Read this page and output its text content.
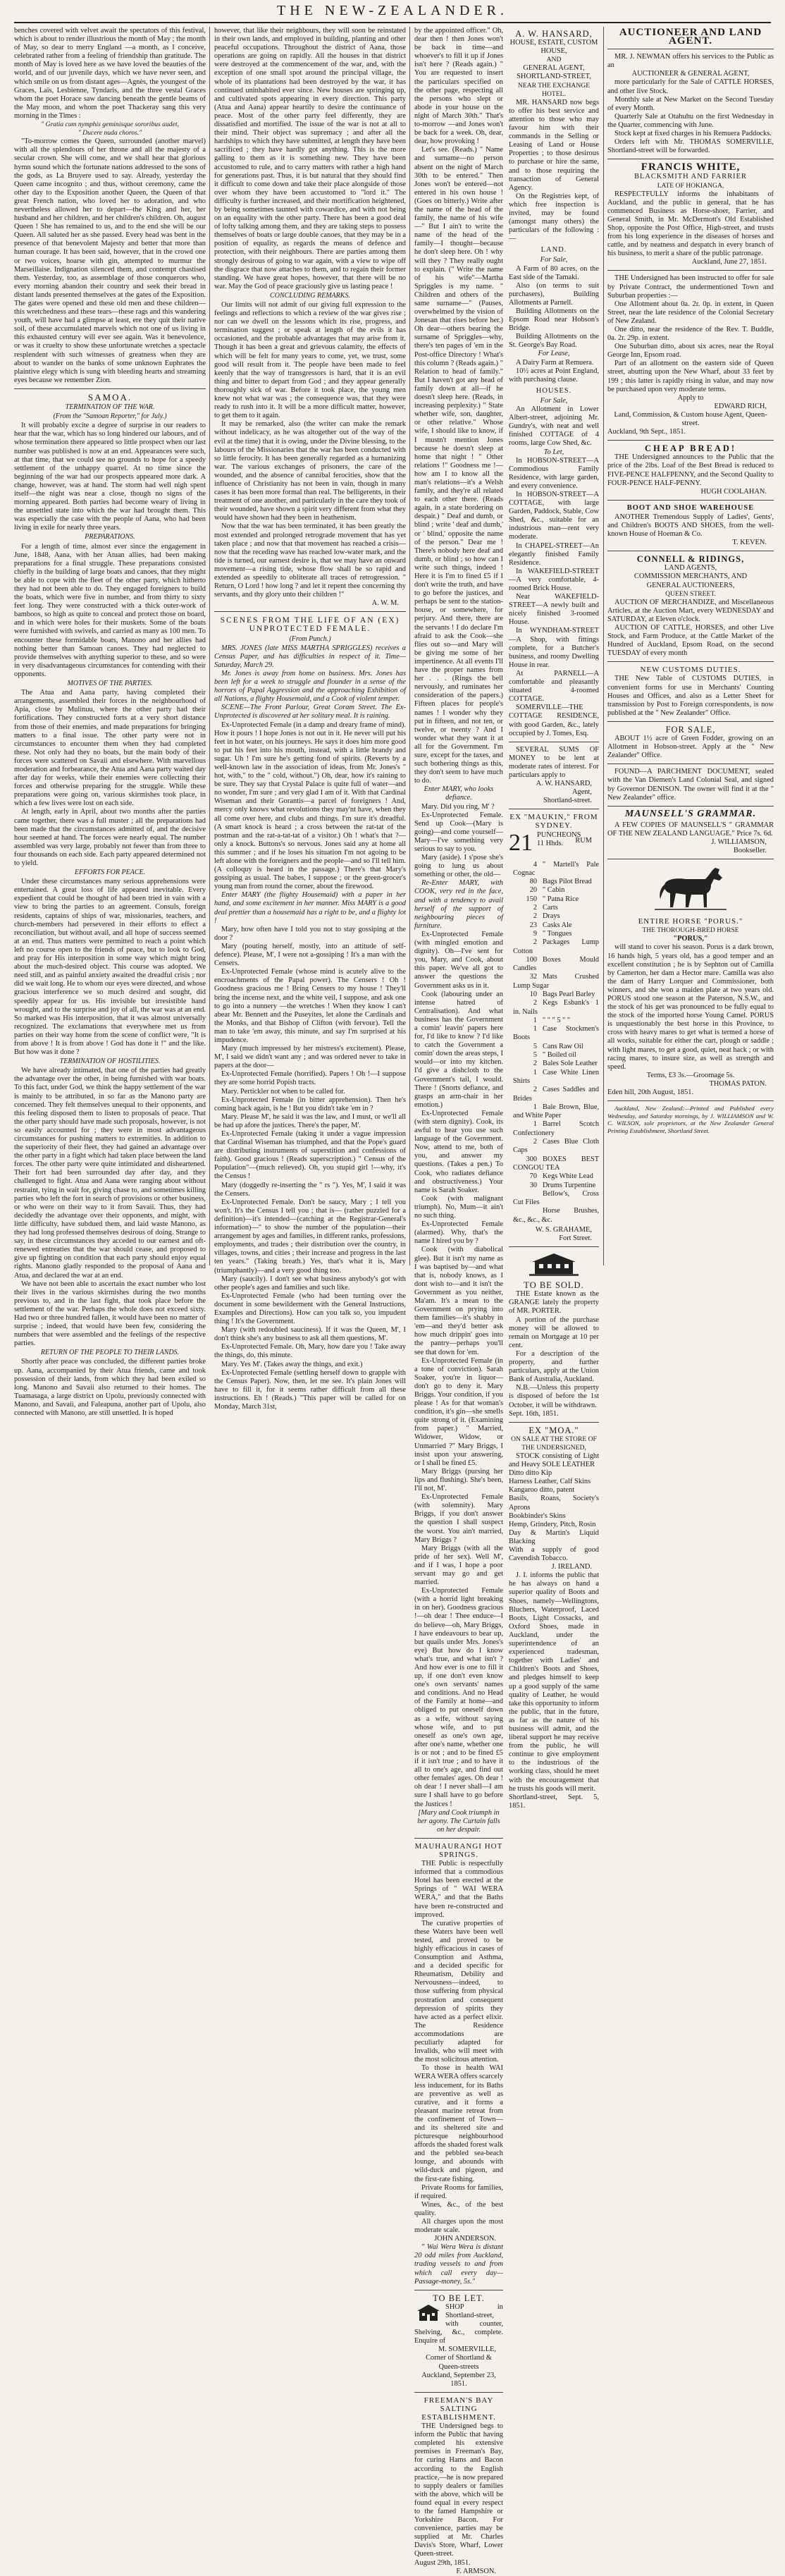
THE NEW-ZEALANDER.

benches covered with velvet await the spectators of this festival, which is about to render illustrious the month of May ; the month of May, so dear to merry England —a month, as I conceive, celebrated rather from a feeling of friendship than gratitude. The month of May is loved here as we have loved the beauties of the world, and of our juvenile days, which we have never seen, and which smile on us from distant ages—Agnès, the youngest of the Graces, Laïs, Lesbienne, Tyndaris, and the three vestal Graces whom the poet Horace saw dancing beneath the gentle beams of the May moon, and whom the poet Thackeray sang this very morning in the Times :

" Gratia cum nymphis geminisque sororibus audet,

" Ducere nuda choros."

"To-morrow comes the Queen, surrounded (another marvel) with all the splendours of her throne and all the majesty of a secular crown. She will come, and we shall hear that glorious hymn sound which the fortunate nations addressed to the sons of the gods, as La Bruyere used to say. Already, yesterday the Queen came incognito ; and thus, without ceremony, came the other day to the Exposition another Queen, the Queen of that great French nation, who loved her to adoration, and who nevertheless allowed her to depart—the King and her, her husband and her children, and her children's children. Oh, august Queen ! She has remained to us, and to the end she will be our Queen. All saluted her as she passed. Every head was bent in the presence of that benevolent Majesty and better that more than human courage. It has been said, however, that in the crowd one or two voices, hoarse with gin, attempted to murmur the Marseillaise. Indignation silenced them, and contempt chastised them. Yesterday, too, as assemblage of those conquerors who, every morning abandon their country and seek their bread in distant lands presented themselves at the gates of the Exposition. The gates were opened and these old men and these children—this wretchedness and these tears—these rags and this wandering youth, will have had a glimpse at least, ere they quit their native soil, of these accumulated marvels which not one of us living in this exhausted century will ever see again. Was it benevolence, or was it cruelty to show these unfortunate wretches a spectacle resplendent with such witnesses of greatness when they are about to wander on the banks of some unknown Euphrates the plaintive elegy which is sung with bleeding hearts and streaming eyes because we remember Zion.

SAMOA.
TERMINATION OF THE WAR.
(From the "Samoan Reporter," for July.)

It will probably excite a degree of surprise in our readers to hear that the war, which has so long hindered our labours, and of whose termination there appeared so little prospect when our last number was published is now at an end. Appearances were such, at that time, that we could see no grounds to hope for a speedy settlement of the unhappy quarrel. At no time since the beginning of the war had our prospects appeared more dark. A change, however, was at hand. The storm had well nigh spent itself—the night was near a close, though no signs of the morning appeared. Both parties had become weary of living in the unsettled state into which the war had brought them. This was especially the case with the people of Aana, who had been living in exile for nearly three years.

PREPARATIONS.

For a length of time, almost ever since the engagement in June, 1848, Aana, with her Atuan allies, had been making preparations for a final struggle. These preparations consisted chiefly in the building of large boats and canoes, that they might be able to cope with the fleet of the other party, which hitherto they had not been able to do. They engaged foreigners to build the boats, which were five in number, and from thirty to sixty feet long. They were constructed with a thick outer-work of bamboos, so high as quite to conceal and protect those on board, and in which were holes for their muskets. Some of the boats were furnished with swivels, and carried as many as 100 men. To encounter these formidable boats, Manono and her allies had nothing better than Samoan canoes. They had neglected to provide themselves with anything superior to these, and so were in very disadvantageous circumstances for contending with their opponents.

MOTIVES OF THE PARTIES.

The Atua and Aana party, having completed their arrangements, assembled their forces in the neighbourhood of Apia, close by Mulinuu, where the other party had their fortifications. They constructed forts at a very short distance from those of their enemies, and made preparations for bringing matters to a final issue. The other party were not in circumstances to encounter them when they had completed these. Not only had they no boats, but the main body of their forces were scattered on Savaii and elsewhere. With marvellous moderation and forbearance, the Atua and Aana party waited day after day for weeks, while their enemies were collecting their forces and otherwise preparing for the struggle. While these preparations were going on, various skirmishes took place, in which a few lives were lost on each side.

At length, early in April, about two months after the parties came together, there was a full muster ; all the preparations had been made that the circumstances admitted of, and the decisive hour seemed at hand. The forces were nearly equal. The number assembled was very large, probably not fewer than from three to four thousands on each side. Each party appeared determined not to yield.

EFFORTS FOR PEACE.

Under these circumstances many serious apprehensions were entertained. A great loss of life appeared inevitable. Every expedient that could be thought of had been tried in vain with a view to bring the parties to an agreement. Consuls, foreign residents, captains of ships of war, missionaries, teachers, and church-members had persevered in their efforts to effect a reconciliation, but without avail, and all hope of success seemed at an end. Thus matters were permitted to reach a point which left no course open to the friends of peace, but to look to God, and pray for His interposition in some way which might bring about the much-desired object. This course was adopted. We need still, and as painful anxiety awaited the dreadful crisis ; nor did we wait long. He to whom our eyes were directed, and whose gracious interference we so much desired and sought, did speedily appear for us. His invisible but irresistible hand wrought, and to the surprise and joy of all, the war was at an end. So marked was His interposition, that it was almost universally recognized. The exclamations that everywhere met us from parties on their way home from the scene of conflict were, "It is from above ! It is from above ! God has done it !" and the like. But how was it done ?

TERMINATION OF HOSTILITIES.

We have already intimated, that one of the parties had greatly the advantage over the other, in being furnished with war boats. To this fact, under God, we think the happy settlement of the war is mainly to be attributed, in so far as the Manono party are concerned. They felt themselves unequal to their opponents, and this feeling disposed them to listen to proposals of peace. That the other party should have made such proposals, however, is not so easily accounted for ; they were in most advantageous circumstances for pushing matters to extremities. In addition to the superiority of their fleet, they had gained an advantage over the other party in a fight which had taken place between the land forces. The other party were quite intimidated and disheartened. Their fort had been surrounded day after day, and they challenged to fight. Atua and Aana were ranging about without restraint, tying in wait for, giving chase to, and sometimes killing parties who left the fort in search of provisions or other business, or who were on their way to it from Savaii. Thus, they had decidedly the advantage over their opponents, and might, with little difficulty, have subdued them, and laid waste Manono, as they had long professed themselves desirous of doing. Strange to say, in these circumstances they acceded to our earnest and oft-renewed entreaties that the war should cease, and proposed to give up fighting on condition that each party should enjoy equal rights. Manono gladly responded to the proposal of Aana and Atua, and declared the war at an end.

We have not been able to ascertain the exact number who lost their lives in the various skirmishes during the two months previous to, and in the last fight, that took place before the settlement of the war. Perhaps the whole does not exceed sixty. Had two or three hundred fallen, it would have been no matter of surprise ; indeed, that would have been few, considering the numbers that were assembled and the feelings of the respective parties.

RETURN OF THE PEOPLE TO THEIR LANDS.

Shortly after peace was concluded, the different parties broke up. Aana, accompanied by their Atua friends, came and took possession of their lands, from which they had been exiled so long. Manono and Savaii also returned to their homes. The Tuamasaga, a large district on Upolu, previously connected with Manono, and Savaii, and Faleapuna, another part of Upolu, also connected with Manono, are still unsettled. It is hoped

however, that like their neighbours, they will soon be reinstated in their own lands, and employed in building, planting and other peaceful occupations. Throughout the district of Aana, those operations are going on rapidly. All the houses in that district were destroyed at the commencement of the war, and, with the exception of one small spot around the principal village, the whole of its plantations had been destroyed by the war, it has continued uninhabited ever since. New houses are springing up, and cultivated spots appearing in every direction. This party (Atua and Aana) appear heartily to desire the continuance of peace. Most of the other party feel differently, they are dissatisfied and mortified. The issue of the war is not at all to their mind. Their object was supremacy ; and after all the hardships to which they have submitted, at length they have been sacrificed ; they have hardly got anything. This is the more galling to them as it is something new. They have been accustomed to rule, and to carry matters with rather a high hand for generations past. Thus, it is but natural that they should find it difficult to come down and take their place alongside of those over whom they have been accustomed to "lord it." The difficulty is further increased, and their mortification heightened, by being sometimes taunted with cowardice, and with not being on an equality with the other party. There has been a good deal of lofty talking among them, and they are taking steps to possess themselves of boats or large double canoes, that they may be in a position of equality, as regards the means of defence and protection, with their neighbours. There are parties among them strongly desirous of going to war again, with a view to wipe off the disgrace that now attaches to them, and to regain their former standing. We have great hopes, however, that there will be no war. May the God of peace graciously give us lasting peace !

CONCLUDING REMARKS.

Our limits will not admit of our giving full expression to the feelings and reflections to which a review of the war gives rise ; nor can we dwell on the lessons which its rise, progress, and termination suggest ; or speak at length of the evils it has occasioned, and the probable advantages that may arise from it. Though it has been a great and grievous calamity, the effects of which will be felt for many years to come, yet, we trust, some good will result from it. The people have been made to feel keenly that the way of transgressors is hard, that it is an evil thing and bitter to depart from God ; and they appear generally thoroughly sick of war. Before it took place, the young men knew not what war was ; the consequence was, that they were ready to rush into it. It will be a more difficult matter, however, to get them to it again.

It may be remarked, also (the writer can make the remark without indelicacy, as he was altogether out of the way of the evil at the time) that it is owing, under the Divine blessing, to the labours of the Missionaries that the war has been conducted with so little ferocity. It has been generally regarded as a humanizing war. The various exchanges of prisoners, the care of the wounded, and the absence of cannibal ferocities, show that the influence of Christianity has not been in vain, though in many cases it has been more formal than real. The belligerents, in their treatment of one another, and particularly in the care they took of their wounded, have shown a spirit very different from what they would have shown had they been in heathenism.

Now that the war has been terminated, it has been greatly the most extended and prolonged retrograde movement that has yet taken place ; and now that that movement has reached a crisis—now that the receding wave has reached low-water mark, and the tide is turned, our earnest desire is, that we may have an onward movement—a rising tide, whose flow shall be so rapid and extended as speedily to obliterate all traces of retrogression. " Return, O Lord ! how long ? and let it repent thee concerning thy servants, and thy glory unto their children !"

A. W. M.

SCENES FROM THE LIFE OF AN (EX) UNPROTECTED FEMALE.
(From Punch.)

MRS. JONES (late MISS MARTHA SPRIGGLES) receives a Census Paper, and has difficulties in respect of it. Time—Saturday, March 29.

Mr. Jones is away from home on business. Mrs. Jones has been left for a week to struggle and flounder in a sense of the horrors of Papal Aggression and the approaching Exhibition of all Nations, a flighty Housemaid, and a Cook of violent temper.

SCENE—The Front Parlour, Great Coram Street. The Ex-Unprotected is discovered at her solitary meal. It is raining.

Ex-Unprotected Female (in a damp and dreary frame of mind). How it pours ! I hope Jones is not out in it. He never will put his feet in hot water, on his journeys. He says it does him more good to put his feet into his mouth, instead, with a little brandy and sugar. Uh ! I'm sure he's getting fond of spirits. (Reverts by a well-known law in the association of ideas, from Mr. Jones's " hot, with," to the " cold, without.") Oh, dear, how it's raining to be sure. They say that Crystal Palace is quite full of water—and no wonder, I'm sure ; and very glad I am of it. With that Cardinal Wiseman and their Gorantis—a parcel of foreigners ! And, mercy only knows what revolutions they may'nt have, when they all come over here, and clubs and things. I'm sure it's dreadful. (A smart knock is heard ; a cross between the rat-tat of the postman and the rat-a-tat-tat of a visitor.) Oh ! what's that ?—only a knock. Buttons's so nervous. Jones said any at home all this summer ; and if he loses his situation I'm not agoing to be left alone with the foreigners and the people—and so I'll tell him. (A colloquy is heard in the passage.) There's that Mary's gossiping as usual. The babes, I suppose ; or the green-grocer's young man from round the corner, about the firewood.

Enter MARY (the flighty Housemaid) with a paper in her hand, and some excitement in her manner. Miss MARY is a good deal prettier than a housemaid has a right to be, and a flighty lot !

Mary, how often have I told you not to stay gossiping at the door ?

Mary (pouting herself, mostly, into an attitude of self-defence). Please, M', I were not a-gossiping ! It's a man with the Censers.

Ex-Unprotected Female (whose mind is acutely alive to the encroachments of the Papal power). The Censers ! Oh ! Goodness gracious me ! Bring Censers to my house ! They'll bring the incense next, and the white veil, I suppose, and ask one to go into a nunnery —the wretches ! When they know I can't abear Mr. Bennett and the Puseyites, let alone the Cardinals and the Monks, and that Bishop of Clifton (with fervour). Tell the man to take 'em away, this minute, and say I'm surprised at his impudence.

Mary (much impressed by her mistress's excitement). Please, M', I said we didn't want any ; and was ordered never to take in papers at the door—

Ex-Unprotected Female (horrified). Papers ! Oh !—I suppose they are some horrid Popish tracts.

Mary. Pertickler not when to be called for.

Ex-Unprotected Female (in bitter apprehension). Then he's coming back again, is he ! But you didn't take 'em in ?

Mary. Please M', he said it was the law, and I must, or we'll all be had up afore the justices. There's the paper, M'.

Ex-Unprotected Female (taking it under a vague impression that Cardinal Wiseman has triumphed, and that the Pope's guard are distributing instruments of superstition and confessions of faith). Good gracious ! (Reads superscription.) " Census of the Population"—(much relieved). Oh, you stupid girl !—why, it's the Census !

Mary (doggedly re-inserting the " rs "). Yes, M', I said it was the Censers.

Ex-Unprotected Female. Don't be saucy, Mary ; I tell you won't. It's the Census I tell you ; that is— (rather puzzled for a definition)—it's intended—(catching at the Registrar-General's information)—" to show the number of the population—their arrangement by ages and families, in different ranks, professions, employments, and trades ; their distribution over the country, in villages, towns, and cities ; their increase and progress in the last ten years." (Taking breath.) Yes, that's what it is, Mary (triumphantly)—and a very good thing too.

Mary (saucily). I don't see what business anybody's got with other people's ages and families and such like.

Ex-Unprotected Female (who had been turning over the document in some bewilderment with the General Instructions, Examples and Directions). How can you talk so, you impudent thing ! It's the Government.

Mary (with redoubled sauciness). If it was the Queen, M', I don't think she's any business to ask all them questions, M'.

Ex-Unprotected Female. Oh, Mary, how dare you ! Take away the things, do, this minute.

Mary. Yes M'. (Takes away the things, and exit.)

Ex-Unprotected Female (settling herself down to grapple with the Census Paper). Now, then, let me see. It's plain Jones will have to fill it, for it seems rather difficult from all these instructions. Eh ! (Reads.) "This paper will be called for on Monday, March 31st,

by the appointed officer." Oh, dear then ! then Jones won't be back in time—and whoever's to fill it up if Jones isn't here ? (Reads again.) " You are requested to insert the particulars specified on the other page, respecting all the persons who slept or abode in your house on the night of March 30th." That's to-morrow —and Jones won't be back for a week. Oh, dear, dear, how provoking !

Let's see. (Reads.) " Name and surname—no person absent on the night of March 30th to be entered." Then Jones won't be entered—not entered in his own house ! (Goes on bitterly.) Write after the name of the head of the family, the name of his wife—" But I ain't to write the name of the head of the family—I thought—because he don't sleep here. Oh ! why will they ? They really ought to explain. (" Write the name of his wife"—Martha Spriggles is my name. " Children and others of the same surname—" (Pauses, overwhelmed by the vision of Jonesan that rises before her.) Oh dear—others bearing the surname of Spriggles—why, there's ten pages of 'em in the Post-office Directory ! What's this column ? (Reads again.) " Relation to head of family." But I haven't got any head of family down at all—if he doesn't sleep here. (Reads, in increasing perplexity.) " State whether wife, son, daughter, or other relative." Whose wife, I should like to know, if I mustn't mention Jones because he doesn't sleep at home that night ! " Other relations !" Goodness me !—how am I to know all the man's relations—it's a Welsh family, and they're all related to each other there. (Reads again, in a state bordering on despair.) " Deaf and dumb, or blind ; write ' deaf and dumb,' or ' blind,' opposite the name of the person." Dear me ! There's nobody here deaf and dumb, or blind ; so how can I write such things, indeed ! Here it is I'm to fined £5 if I don't write the truth, and have to go before the justices, and perhaps be sent to the station-house, or somewhere, for perjury. And there, there are the servants ! I do declare I'm afraid to ask the Cook—she flies out so—and Mary will be giving me some of her impertinence. At all events I'll have the proper names from her . . . (Rings the bell nervously, and ruminates her consideration of the papers.) Fifteen places for people's names ! I wonder why they put in fifteen, and not ten, or twelve, or twenty ? And I wonder what they want it at all for the Government. I'm sure, except for the taxes, and such bothering things as this, they don't seem to have much to do.

Enter MARY, who looks defiance.

Mary. Did you ring, M' ?

Ex-Unprotected Female. Send up Cook—(Mary is going)—and come yourself—Mary—I've something very serious to say to you.

Mary (aside). I s'pose she's going to lung us about something or other, the old—

Re-Enter MARY, with COOK, very red in the face, and with a tendency to avail herself of the support of neighbouring pieces of furniture.

Ex-Unprotected Female (with mingled emotion and dignity). Oh—I've sent for you, Mary, and Cook, about this paper. We've all got to answer the questions the Government asks us in it.

Cook (labouring under an intense hatred of Centralisation). And what business has the Government a comin' leavin' papers here for, I'd like to know ? I'd like to catch the Government a comin' down the areas steps, I would—or into my kitchen. I'd give a dishcloth to the Government's tail, I would. There ! (Snorts defiance, and grasps an arm-chair in her emotion.)

Ex-Unprotected Female (with stern dignity). Cook, its awful to hear you use such language of the Government. Now, attend to me, both of you, and answer my questions. (Takes a pen.) To Cook, who radiates defiance and obstructiveness.) Your name is Sarah Soaker.

Cook (with malignant triumph). No, Mum—it ain't no such thing.

Ex-Unprotected Female (alarmed). Why, that's the name I hired you by ?

Cook (with diabolical glee). But it isn't my name as I was baptised by—and what that is, nobody knows, as I dont wish to—and it isn't the Government as you neither, Ma'am. It's a mean to the Government on prying into them families—it's shabby in 'em—and they'd better ask how much drippin' goes into the pantry—perhaps you'll see that down for 'em.

Ex-Unprotected Female (in a tone of conviction). Sarah Soaker, you're in liquor—don't go to deny it. Mary Briggs. Your condition, if you please ! As for that woman's condition, it's gin—she smells quite strong of it. (Examining from paper.) " Married, Widower, Widow, or Unmarried ?" Mary Briggs, I insist upon your answering, or I shall be fined £5.

Mary Briggs (pursing her lips and flushing). She's been, I'll not, M'.

Ex-Unprotected Female (with solemnity). Mary Briggs, if you don't answer the question I shall suspect the worst. You ain't married, Mary Briggs ?

Mary Briggs (with all the pride of her sex). Well M', and if I was, I hope a poor servant may go and get married.

Ex-Unprotected Female (with a horrid light breaking in on her). Goodness gracious !—oh dear ! Thee enduce—I do believe—oh, Mary Briggs, I have endeavours to bear up, but quails under Mrs. Jones's eye) But how do I know what's true, and what isn't ? And how ever is one to fill it up, if one don't even know one's own servants' names and conditions. And no Head of the Family at home—and obliged to put oneself down as a wife, without saying whose wife, and to put oneself as one's own age, after one's name, whether one is or not ; and to be fined £5 if it isn't true ; and to have it all to one's age, and find out other females' ages. Oh dear ! oh dear ! I never shall—I am sure I shall have to go before the Justices !

[Mary and Cook triumph in her agony. The Curtain falls on her despair.

MAUHAURANGI HOT SPRINGS.

THE Public is respectfully informed that a commodious Hotel has been erected at the Springs of " WAI WERA WERA," and that the Baths have been re-constructed and improved.

The curative properties of these Waters have been well tested, and proved to be highly efficacious in cases of Consumption and Asthma, and a decided specific for Rheumatism, Debility and Nervousness—indeed, to those suffering from physical prostration and consequent depression of spirits they have acted as a perfect elixir. The Residence accommodations are peculiarly adapted for Invalids, who will meet with the most solicitous attention.

To those in health WAI WERA WERA offers scarcely less inducement, for its Baths are preventive as well as curative, and it forms a pleasant marine retreat from the confinement of Town—and its sheltered site and picturesque neighbourhood affords the shaded forest walk and the pebbled sea-beach lounge, and abounds with wild-duck and pigeon, and the first-rate fishing.

Private Rooms for families, if required.

Wines, &c., of the best quality.

All charges upon the most moderate scale.

JOHN ANDERSON.

" Wai Wera Wera is distant 20 odd miles from Auckland, trading vessels to and from which call every day—Passage-money, 5s."

TO BE LET.

SHOP in Shortland-street, with counter, Shelving, &c., complete. Enquire of

M. SOMERVILLE,

Corner of Shortland & Queen-streets

Auckland, September 23, 1851.

FREEMAN'S BAY SALTING ESTABLISHMENT.

THE Undersigned begs to inform the Public that having completed his extensive premises in Freeman's Bay, for curing Hams and Bacon according to the English practice,—he is now prepared to supply dealers or families with the above, which will be found equal in every respect to the famed Hampshire or Yorkshire Bacon. For convenience, parties may be supplied at Mr. Charles Davis's Store, Wharf, Lower Queen-street.

August 29th, 1851.

F. ARMSON.

A. W. HANSARD,

HOUSE, ESTATE, CUSTOM HOUSE,

AND

GENERAL AGENT,

SHORTLAND-STREET,

NEAR THE EXCHANGE HOTEL.

MR. HANSARD now begs to offer his best service and attention to those who may favour him with their commands in the Selling or Leasing of Land or House Properties ; to those desirous to purchase or hire the same, and to those requiring the transaction of General Agency.

On the Registries kept, of which free inspection is invited, may be found (amongst many others) the particulars of the following :—

LAND.

For Sale,

A Farm of 80 acres, on the East side of the Tamaki.

Also (on terms to suit purchasers), Building Allotments at Parnell.

Building Allotments on the Epsom Road near Hobson's Bridge.

Building Allotments on the St. George's Bay Road.

For Lease,

A Dairy Farm at Remuera.

10½ acres at Point England, with purchasing clause.

HOUSES.

For Sale,

An Allotment in Lower Albert-street, adjoining Mr. Gundry's, with neat and well finished COTTAGE of 4 rooms, large Cow Shed, &c.

To Let,

In HOBSON-STREET—A Commodious Family Residence, with large garden, and every convenience.

In HOBSON-STREET—A COTTAGE, with large Garden, Paddock, Stable, Cow Shed, &c., suitable for an industrious man—rent very moderate.

In CHAPEL-STREET—An elegantly finished Family Residence.

In WAKEFIELD-STREET—A very comfortable, 4-roomed Brick House.

Near WAKEFIELD-STREET—A newly built and nicely finished 3-roomed House.

In WYNDHAM-STREET—A Shop, with fittings complete, for a Butcher's business, and roomy Dwelling House in rear.

At PARNELL—A comfortable and pleasantly situated 4-roomed COTTAGE.

SOMERVILLE—THE COTTAGE RESIDENCE, with good Garden, &c., lately occupied by J. Tomes, Esq.

SEVERAL SUMS OF MONEY to be lent at moderate rates of interest. For particulars apply to

A. W. HANSARD,

Agent,

Shortland-street.

EX "MAUKIN," FROM SYDNEY.
21 PUNCHEONS
11 Hhds.	RUM
4 " Martell's Pale Cognac
80 Bags Pilot Bread
20 " Cabin
150 " Patna Rice
2 Carts
2 Drays
23 Casks Ale
9 " Tongues
2 Packages Lump Cotton
100 Boxes Mould Candles
32 Mats Crushed Lump Sugar
10 Bags Pearl Barley
2 Kegs Esbank's 1 in. Nails
1 " " " 5 " "
1 Case Stockmen's Boots
5 Cans Raw Oil
5 " Boiled oil
2 Bales Sole Leather
1 Case White Linen Shirts
2 Cases Saddles and Brides
1 Bale Brown, Blue, and White Paper
1 Barrel Scotch Confectionery
2 Cases Blue Cloth Caps
300 BOXES BEST CONGOU TEA
70 Kegs White Lead
30 Drums Turpentine
Bellow's, Cross Cut Files
Horse Brushes, &c., &c., &c.

W. S. GRAHAME,

Fort Street.

TO BE SOLD.

THE Estate known as the GRANGE lately the property of MR. PORTER.

A portion of the purchase money will be allowed to remain on Mortgage at 10 per cent.

For a description of the property, and further particulars, apply at the Union Bank of Australia, Auckland.

N.B.—Unless this property is disposed of before the 1st October, it will be withdrawn.

Sept. 16th, 1851.

EX "MOA."

ON SALE AT THE STORE OF THE UNDERSIGNED,

STOCK consisting of Light and Heavy SOLE LEATHER

Ditto ditto Kip

Harness Leather, Calf Skins

Kangaroo ditto, patent

Basils, Roans, Society's Aprons

Bookbinder's Skins

Hemp, Grindery, Pitch, Rosin

Day & Martin's Liquid Blacking

With a supply of good Cavendish Tobacco.

J. IRELAND.

J. I. informs the public that he has always on hand a superior quality of Boots and Shoes, namely—Wellingtons, Bluchers, Waterproof, Laced Boots, Light Cossacks, and Oxford Shoes, made in Auckland, under the superintendence of an experienced tradesman, together with Ladies' and Children's Boots and Shoes, and pledges himself to keep up a good supply of the same quality of Leather, he would take this opportunity to inform the public, that in the future, as far as the nature of his business will admit, and the liberal support he may receive from the public, he will continue to give employment to the industrious of the working class, should he meet with the encouragement that he trusts his goods will merit.

Shortland-street, Sept. 5, 1851.

AUCTIONEER AND LAND AGENT.

MR. J. NEWMAN offers his services to the Public as an

AUCTIONEER & GENERAL AGENT,

more particularly for the Sale of CATTLE HORSES, and other live Stock.

Monthly sale at New Market on the Second Tuesday of every Month.

Quarterly Sale at Otahuhu on the first Wednesday in the Quarter, commencing with June.

Stock kept at fixed charges in his Remuera Paddocks.

Orders left with Mr. THOMAS SOMERVILLE, Shortland-street will be forwarded.

FRANCIS WHITE,

BLACKSMITH AND FARRIER

LATE OF HOKIANGA,

RESPECTFULLY informs the inhabitants of Auckland, and the public in general, that he has commenced Business as Horse-shoer, Farrier, and General Smith, in Mr. McDermott's Old Established Shop, opposite the Post Office, High-street, and trusts from his long experience in the diseases of horses and cattle, and by neatness and despatch in every branch of his business, to merit a share of the public patronage.

Auckland, June 27, 1851.

THE Undersigned has been instructed to offer for sale by Private Contract, the undermentioned Town and Suburban properties :—

One Allotment about 0a. 2r. 0p. in extent, in Queen Street, near the late residence of the Colonial Secretary of New Zealand.

One ditto, near the residence of the Rev. T. Buddle, 0a. 2r. 29p. in extent.

One Suburban ditto, about six acres, near the Royal George Inn, Epsom road.

Part of an allotment on the eastern side of Queen street, abutting upon the New Wharf, about 33 feet by 199 ; this latter is rapidly rising in value, and may now be purchased upon very moderate terms.

Apply to

EDWARD RICH,

Land, Commission, & Custom house Agent, Queen-street.

Auckland, 9th Sept., 1851.

CHEAP BREAD!

THE Undersigned announces to the Public that the price of the 2lbs. Loaf of the Best Bread is reduced to FIVE-PENCE HALFPENNY, and the Second Quality to FOUR-PENCE HALF-PENNY.

HUGH COOLAHAN.

BOOT AND SHOE WAREHOUSE

ANOTHER Tremendous Supply of Ladies', Gents', and Children's BOOTS AND SHOES, from the well-known House of Hoeman & Co.

T. KEVEN.

CONNELL & RIDINGS,

LAND AGENTS,

COMMISSION MERCHANTS, AND

GENERAL AUCTIONEERS,

QUEEN STREET.

AUCTION OF MERCHANDIZE, and Miscellaneous Articles, at the Auction Mart, every WEDNESDAY and SATURDAY, at Eleven o'clock.

AUCTION OF CATTLE, HORSES, and other Live Stock, and Farm Produce, at the Cattle Market of the Hundred of Auckland, Epsom Road, on the second TUESDAY of every month

NEW CUSTOMS DUTIES.

THE New Table of CUSTOMS DUTIES, in convenient forms for use in Merchants' Counting Houses and Offices, and also as a Letter Sheet for transmission by Post to Foreign correspondents, is now published at the " New Zealander" Office.

FOR SALE,

ABOUT 1½ acre of Green Fodder, growing on an Allotment in Hobson-street. Apply at the " New Zealander" Office.

FOUND—A PARCHMENT DOCUMENT, sealed with the Van Diemen's Land Colonial Seal, and signed by Governor DENISON. The owner will find it at the " New Zealander" office.

MAUNSELL'S GRAMMAR.

A FEW COPIES OF MAUNSELL'S " GRAMMAR OF THE NEW ZEALAND LANGUAGE." Price 7s. 6d.

J. WILLIAMSON,

Bookseller.

ENTIRE HORSE "PORUS."

THE THOROUGH-BRED HORSE

"PORUS,"

will stand to cover his season. Porus is a dark brown, 16 hands high, 5 years old, has a good temper and an excellent constitution ; he is by Sephton out of Camilla by Camerton, her dam a Hector mare. Camilla was also the dam of Harry Lorquer and Commissioner, both winners, and she won a maiden plate at two years old. PORUS stood one season at the Paterson, N.S.W., and the stock of his get was pronounced to be fully equal to the stock of the imported horse Young Camel. PORUS is unquestionably the best horse in this Province, to cross with heavy mares to get what is termed a horse of all works, suitable for either the cart, plough or saddle ; with light mares, to get a good, quiet, neat hack ; or with racing mares, to insure size, as well as strength and speed.

Terms, £3 3s.—Groomage 5s.

THOMAS PATON.

Eden hill, 20th August, 1851.

Auckland, New Zealand:—Printed and Published every Wednesday, and Saturday mornings, by J. WILLIAMSON and W. C. WILSON, sole proprietors, at the New Zealander General Printing Establishment, Shortland Street.
